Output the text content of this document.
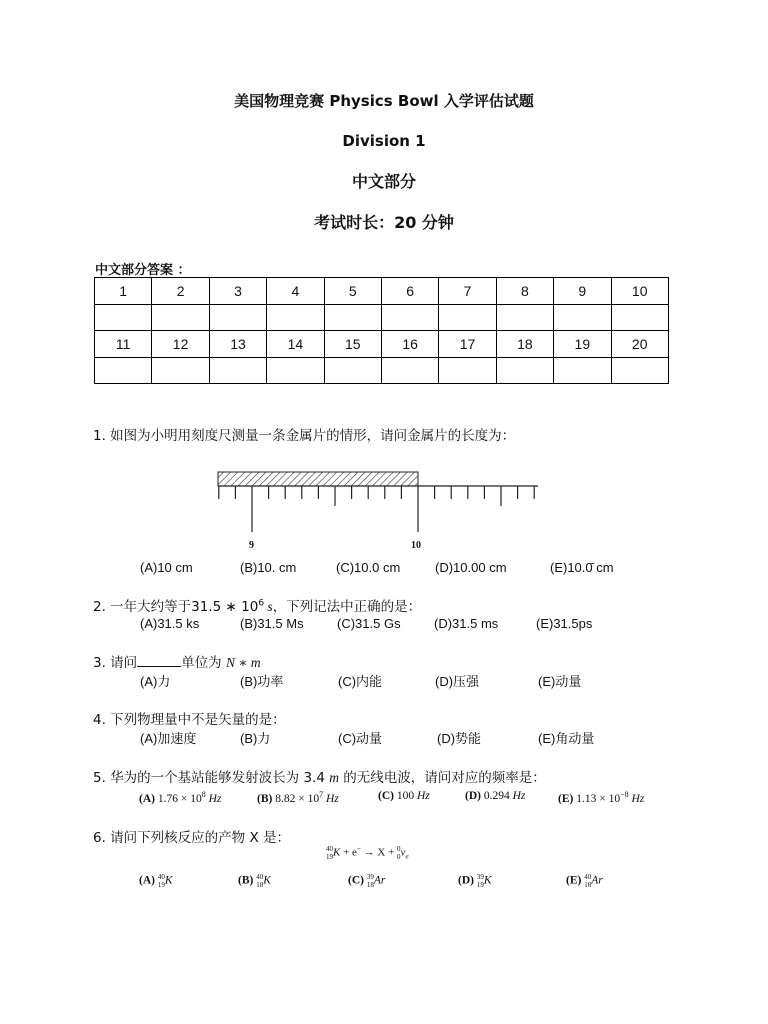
美国物理竞赛 Physics Bowl 入学评估试题
Division 1
中文部分
考试时长：20 分钟
中文部分答案 ：
1	2	3	4	5	6	7	8	9	10

11	12	13	14	15	16	17	18	19	20

1. 如图为小明用刻度尺测量一条金属片的情形，请问金属片的长度为：
9	10
(A)10 cm	(B)10. cm	(C)10.0 cm	(D)10.00 cm	(E)10.0̄ cm
2. 一年大约等于31.5 ∗ $10^6$ s，下列记法中正确的是：
(A)31.5 ks	(B)31.5 Ms	(C)31.5 Gs	(D)31.5 ms	(E)31.5ps
3. 请问	单位为 N ∗ m
(A)力	(B)功率	(C)内能	(D)压强	(E)动量
4. 下列物理量中不是矢量的是：
(A)加速度	(B)力	(C)动量	(D)势能	(E)角动量
5. 华为的一个基站能够发射波长为 3.4 m 的无线电波，请问对应的频率是：
(A) $1.76 \times 10^8$ Hz	(B) $8.82 \times 10^7$ Hz	(C) 100 Hz	(D) 0.294 Hz	(E) $1.13 \times 10^{-8}$ Hz
6. 请问下列核反应的产物 X 是：
40
19K + e− → X + 0
$0\nu_e$
(A) 40
19K	(B) 40
18K	(C) 39
18Ar	(D) 39
19K	(E) 40
18Ar
